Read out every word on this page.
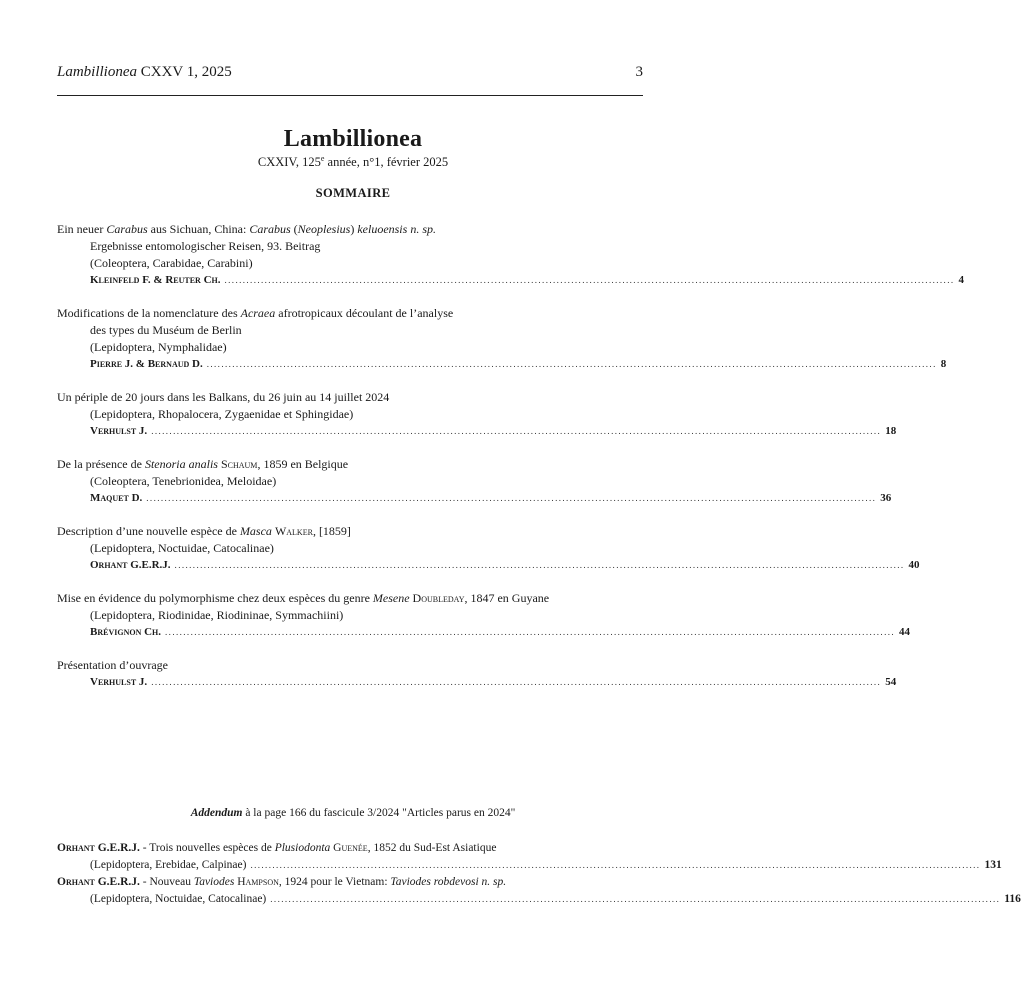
Lambillionea CXXV 1, 2025	3
Lambillionea
CXXIV, 125e année, n°1, février 2025
SOMMAIRE
Ein neuer Carabus aus Sichuan, China: Carabus (Neoplesius) keluoensis n. sp.
Ergebnisse entomologischer Reisen, 93. Beitrag
(Coleoptera, Carabidae, Carabini)
Kleinfeld F. & Reuter Ch. ........................................................................................................................................................................................................ 4
Modifications de la nomenclature des Acraea afrotropicaux découlant de l’analyse
des types du Muséum de Berlin
(Lepidoptera, Nymphalidae)
Pierre J. & Bernaud D. ........................................................................................................................................................................................................ 8
Un périple de 20 jours dans les Balkans, du 26 juin au 14 juillet 2024
(Lepidoptera, Rhopalocera, Zygaenidae et Sphingidae)
Verhulst J. ........................................................................................................................................................................................................ 18
De la présence de Stenoria analis Schaum, 1859 en Belgique
(Coleoptera, Tenebrionidea, Meloidae)
Maquet D. ........................................................................................................................................................................................................ 36
Description d’une nouvelle espèce de Masca Walker, [1859]
(Lepidoptera, Noctuidae, Catocalinae)
Orhant G.E.R.J. ........................................................................................................................................................................................................ 40
Mise en évidence du polymorphisme chez deux espèces du genre Mesene Doubleday, 1847 en Guyane
(Lepidoptera, Riodinidae, Riodininae, Symmachiini)
Brévignon Ch. ........................................................................................................................................................................................................ 44
Présentation d’ouvrage
Verhulst J. ........................................................................................................................................................................................................ 54
Addendum à la page 166 du fascicule 3/2024 "Articles parus en 2024"
Orhant G.E.R.J. - Trois nouvelles espèces de Plusiodonta Guenée, 1852 du Sud-Est Asiatique
(Lepidoptera, Erebidae, Calpinae) ........................................................................................................................................................................................................ 131
Orhant G.E.R.J. - Nouveau Taviodes Hampson, 1924 pour le Vietnam: Taviodes robdevosi n. sp.
(Lepidoptera, Noctuidae, Catocalinae) ........................................................................................................................................................................................................ 116
